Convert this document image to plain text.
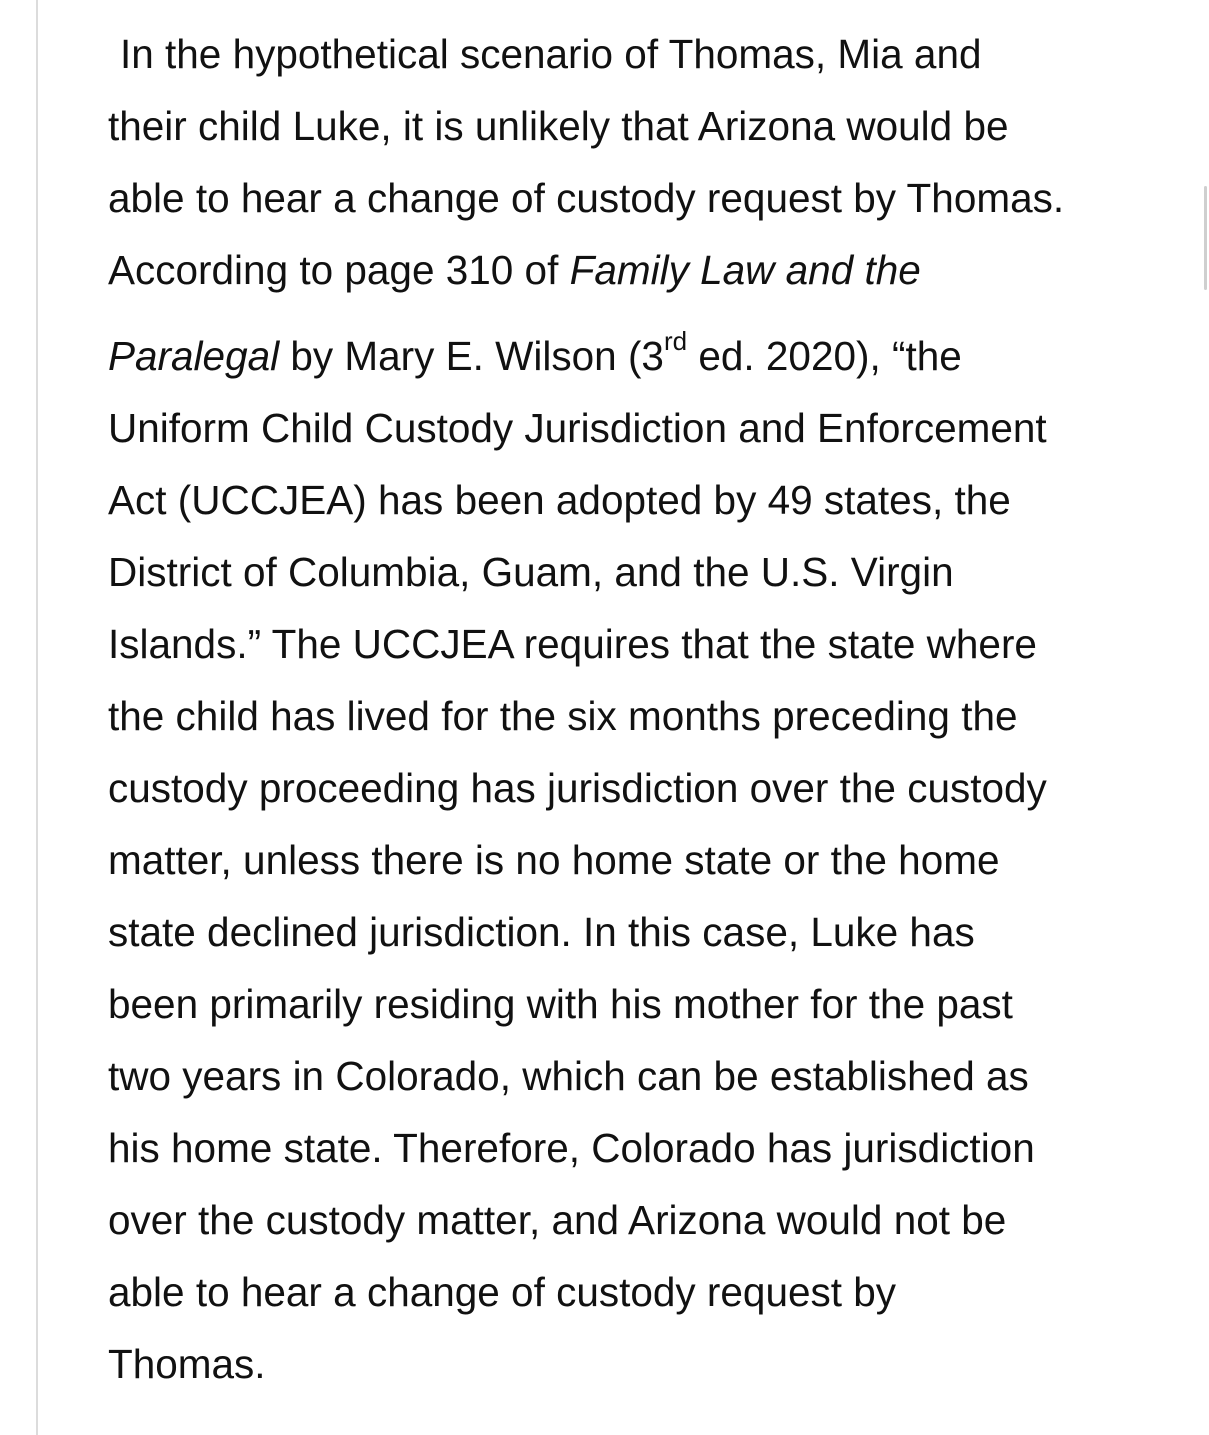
In the hypothetical scenario of Thomas, Mia and
their child Luke, it is unlikely that Arizona would be
able to hear a change of custody request by Thomas.
According to page 310 of Family Law and the
Paralegal by Mary E. Wilson (3rd ed. 2020), “the
Uniform Child Custody Jurisdiction and Enforcement
Act (UCCJEA) has been adopted by 49 states, the
District of Columbia, Guam, and the U.S. Virgin
Islands.” The UCCJEA requires that the state where
the child has lived for the six months preceding the
custody proceeding has jurisdiction over the custody
matter, unless there is no home state or the home
state declined jurisdiction. In this case, Luke has
been primarily residing with his mother for the past
two years in Colorado, which can be established as
his home state. Therefore, Colorado has jurisdiction
over the custody matter, and Arizona would not be
able to hear a change of custody request by
Thomas.
